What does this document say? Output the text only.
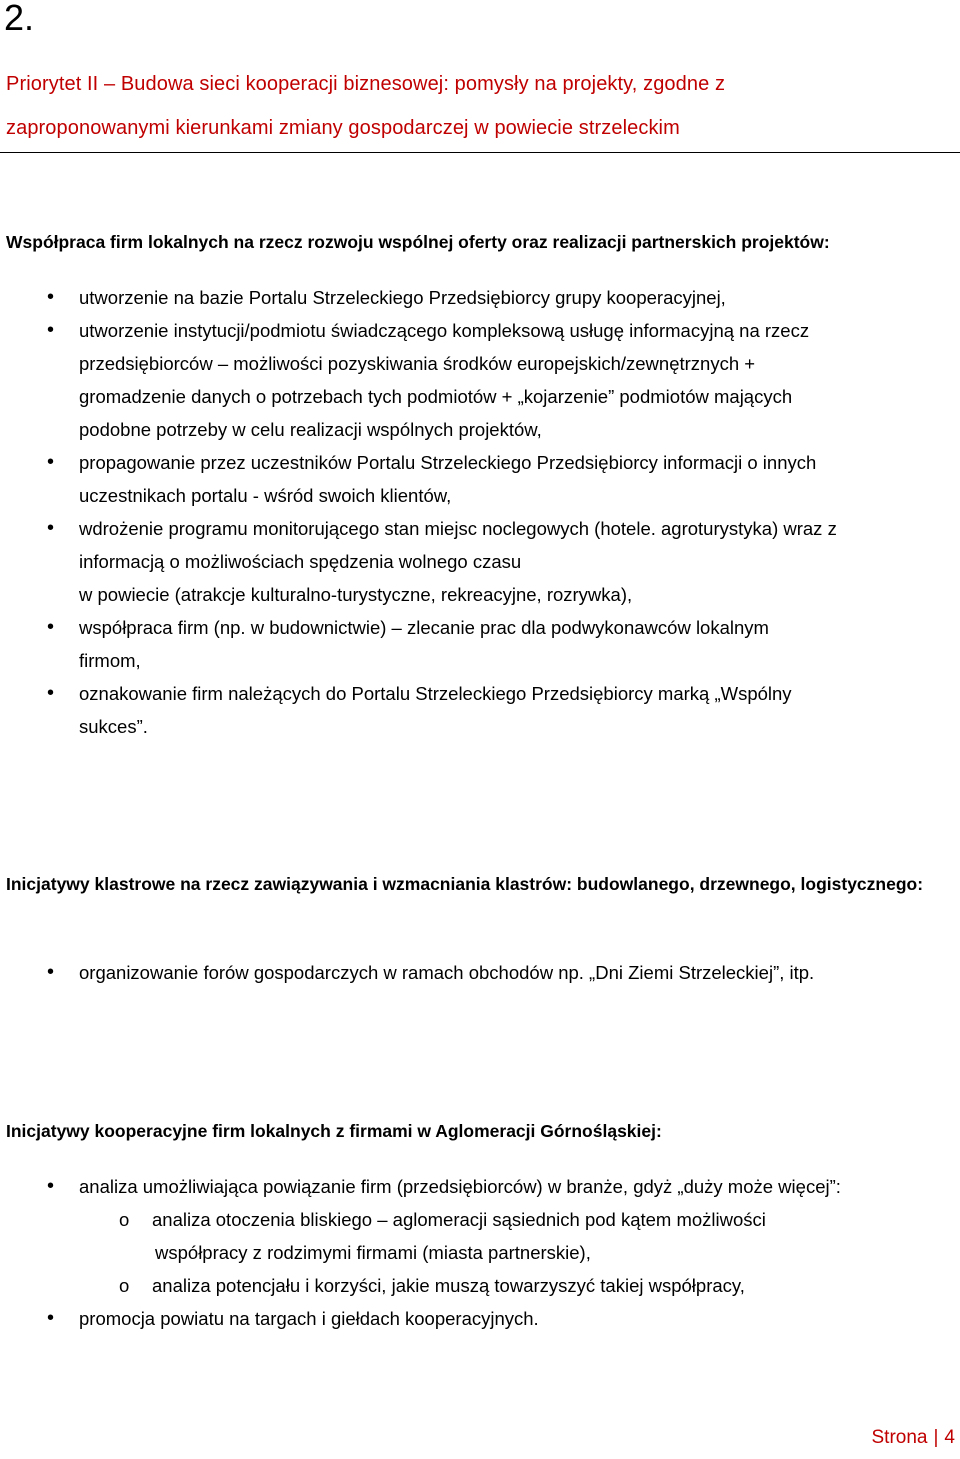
2.
Priorytet II – Budowa sieci kooperacji biznesowej: pomysły na projekty, zgodne z
zaproponowanymi kierunkami zmiany gospodarczej w powiecie strzeleckim
Współpraca firm lokalnych na rzecz rozwoju wspólnej oferty oraz realizacji partnerskich projektów:
• utworzenie na bazie Portalu Strzeleckiego Przedsiębiorcy grupy kooperacyjnej,
• utworzenie instytucji/podmiotu świadczącego kompleksową usługę informacyjną na rzecz
przedsiębiorców – możliwości pozyskiwania środków europejskich/zewnętrznych +
gromadzenie danych o potrzebach tych podmiotów + „kojarzenie” podmiotów mających
podobne potrzeby w celu realizacji wspólnych projektów,
• propagowanie przez uczestników Portalu Strzeleckiego Przedsiębiorcy informacji o innych
uczestnikach portalu - wśród swoich klientów,
• wdrożenie programu monitorującego stan miejsc noclegowych (hotele. agroturystyka) wraz z
informacją o możliwościach spędzenia wolnego czasu
w powiecie (atrakcje kulturalno-turystyczne, rekreacyjne, rozrywka),
• współpraca firm (np. w budownictwie) – zlecanie prac dla podwykonawców lokalnym
firmom,
• oznakowanie firm należących do Portalu Strzeleckiego Przedsiębiorcy marką „Wspólny
sukces”.
Inicjatywy klastrowe na rzecz zawiązywania i wzmacniania klastrów: budowlanego, drzewnego, logistycznego:
• organizowanie forów gospodarczych w ramach obchodów np. „Dni Ziemi Strzeleckiej”, itp.
Inicjatywy kooperacyjne firm lokalnych z firmami w Aglomeracji Górnośląskiej:
• analiza umożliwiająca powiązanie firm (przedsiębiorców) w branże, gdyż „duży może więcej”:
o analiza otoczenia bliskiego – aglomeracji sąsiednich pod kątem możliwości
współpracy z rodzimymi firmami (miasta partnerskie),
o analiza potencjału i korzyści, jakie muszą towarzyszyć takiej współpracy,
• promocja powiatu na targach i giełdach kooperacyjnych.
Strona | 4
